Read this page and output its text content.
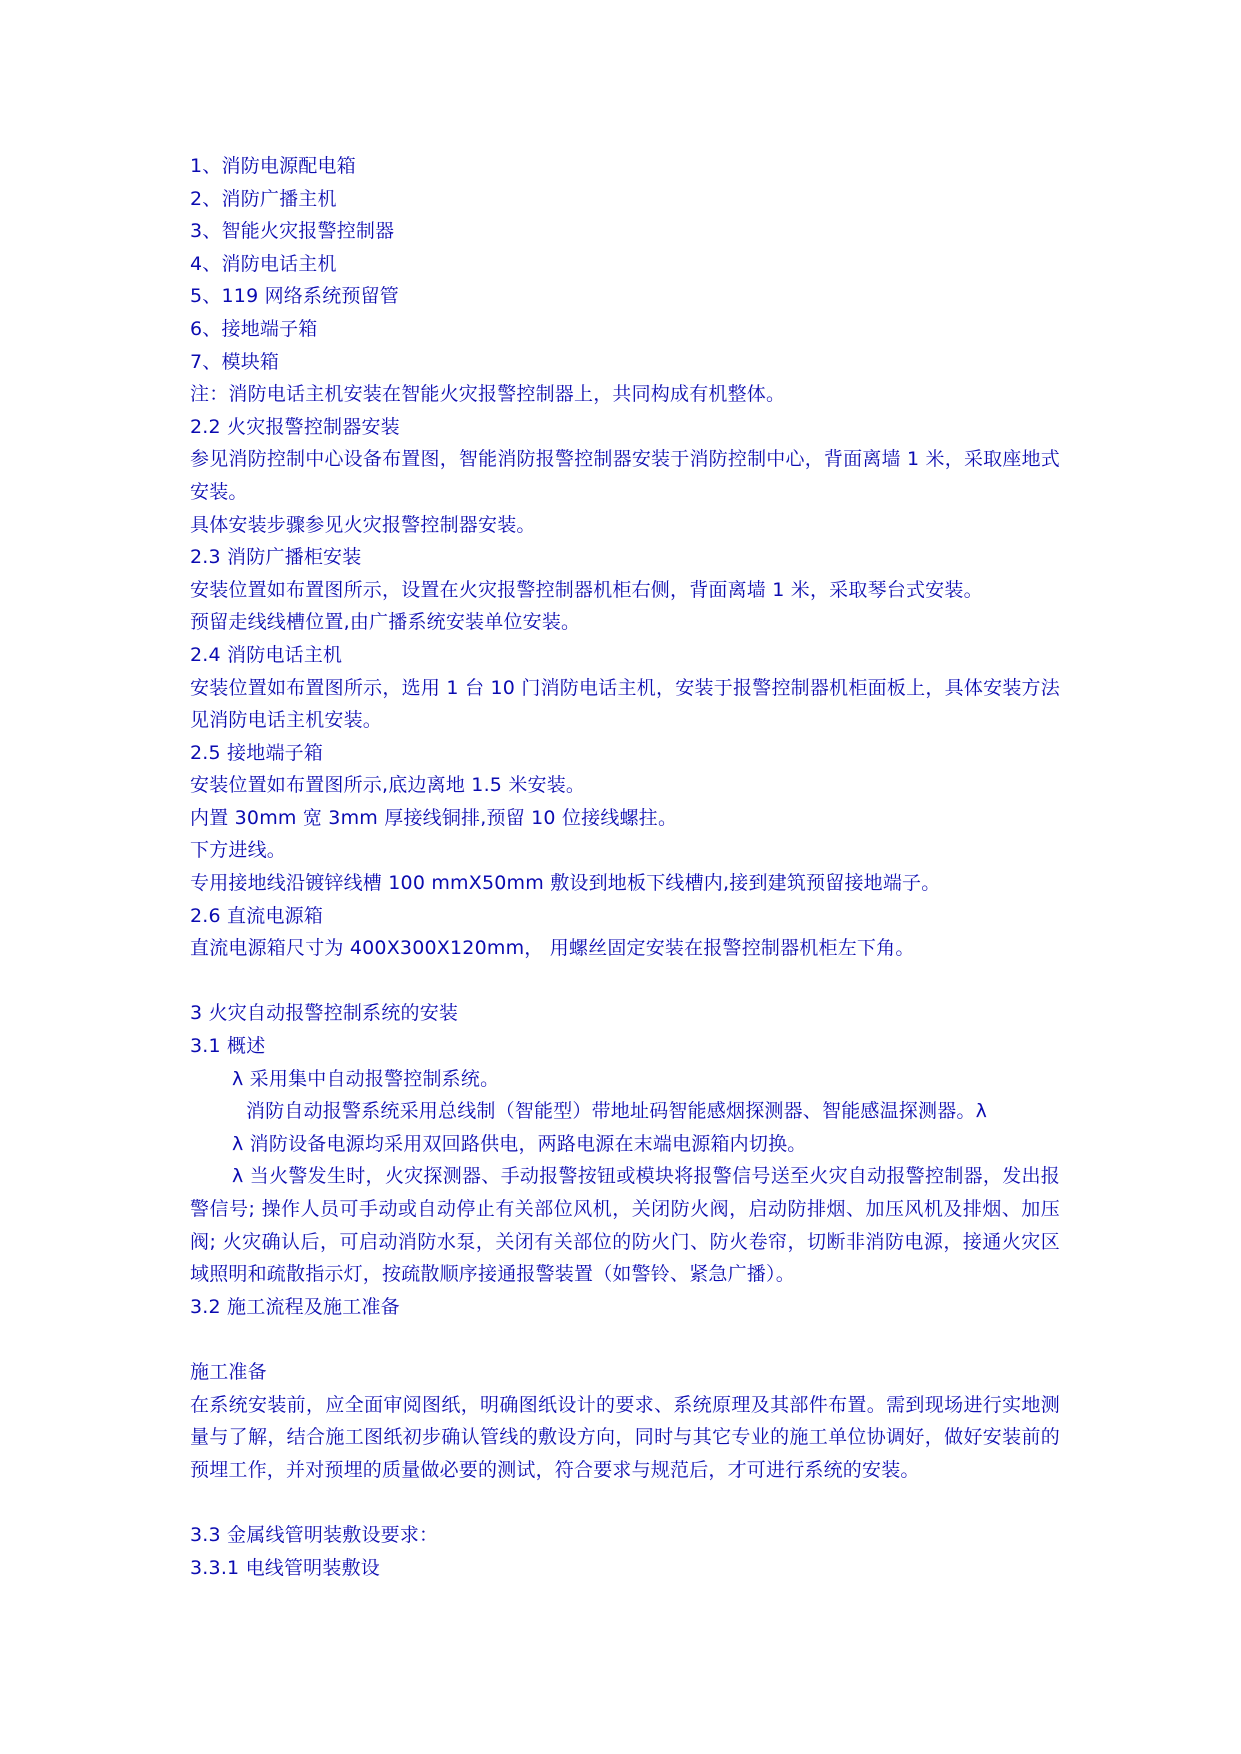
1、消防电源配电箱
2、消防广播主机
3、智能火灾报警控制器
4、消防电话主机
5、119 网络系统预留管
6、接地端子箱
7、模块箱
注：消防电话主机安装在智能火灾报警控制器上，共同构成有机整体。
2.2 火灾报警控制器安装
参见消防控制中心设备布置图，智能消防报警控制器安装于消防控制中心，背面离墙 1 米，采取座地式安装。
具体安装步骤参见火灾报警控制器安装。
2.3 消防广播柜安装
安装位置如布置图所示，设置在火灾报警控制器机柜右侧，背面离墙 1 米，采取琴台式安装。
预留走线线槽位置,由广播系统安装单位安装。
2.4 消防电话主机
安装位置如布置图所示，选用 1 台 10 门消防电话主机，安装于报警控制器机柜面板上，具体安装方法见消防电话主机安装。
2.5 接地端子箱
安装位置如布置图所示,底边离地 1.5 米安装。
内置 30mm 宽 3mm 厚接线铜排,预留 10 位接线螺拄。
下方进线。
专用接地线沿镀锌线槽 100 mmX50mm 敷设到地板下线槽内,接到建筑预留接地端子。
2.6 直流电源箱
直流电源箱尺寸为 400X300X120mm， 用螺丝固定安装在报警控制器机柜左下角。
3 火灾自动报警控制系统的安装
3.1 概述
λ 采用集中自动报警控制系统。
消防自动报警系统采用总线制（智能型）带地址码智能感烟探测器、智能感温探测器。λ
λ 消防设备电源均采用双回路供电，两路电源在末端电源箱内切换。
λ 当火警发生时，火灾探测器、手动报警按钮或模块将报警信号送至火灾自动报警控制器，发出报警信号; 操作人员可手动或自动停止有关部位风机，关闭防火阀，启动防排烟、加压风机及排烟、加压阀; 火灾确认后，可启动消防水泵，关闭有关部位的防火门、防火卷帘，切断非消防电源，接通火灾区域照明和疏散指示灯，按疏散顺序接通报警装置（如警铃、紧急广播）。
3.2 施工流程及施工准备
施工准备
在系统安装前，应全面审阅图纸，明确图纸设计的要求、系统原理及其部件布置。需到现场进行实地测量与了解，结合施工图纸初步确认管线的敷设方向，同时与其它专业的施工单位协调好，做好安装前的预埋工作，并对预埋的质量做必要的测试，符合要求与规范后，才可进行系统的安装。
3.3 金属线管明装敷设要求：
3.3.1 电线管明装敷设
